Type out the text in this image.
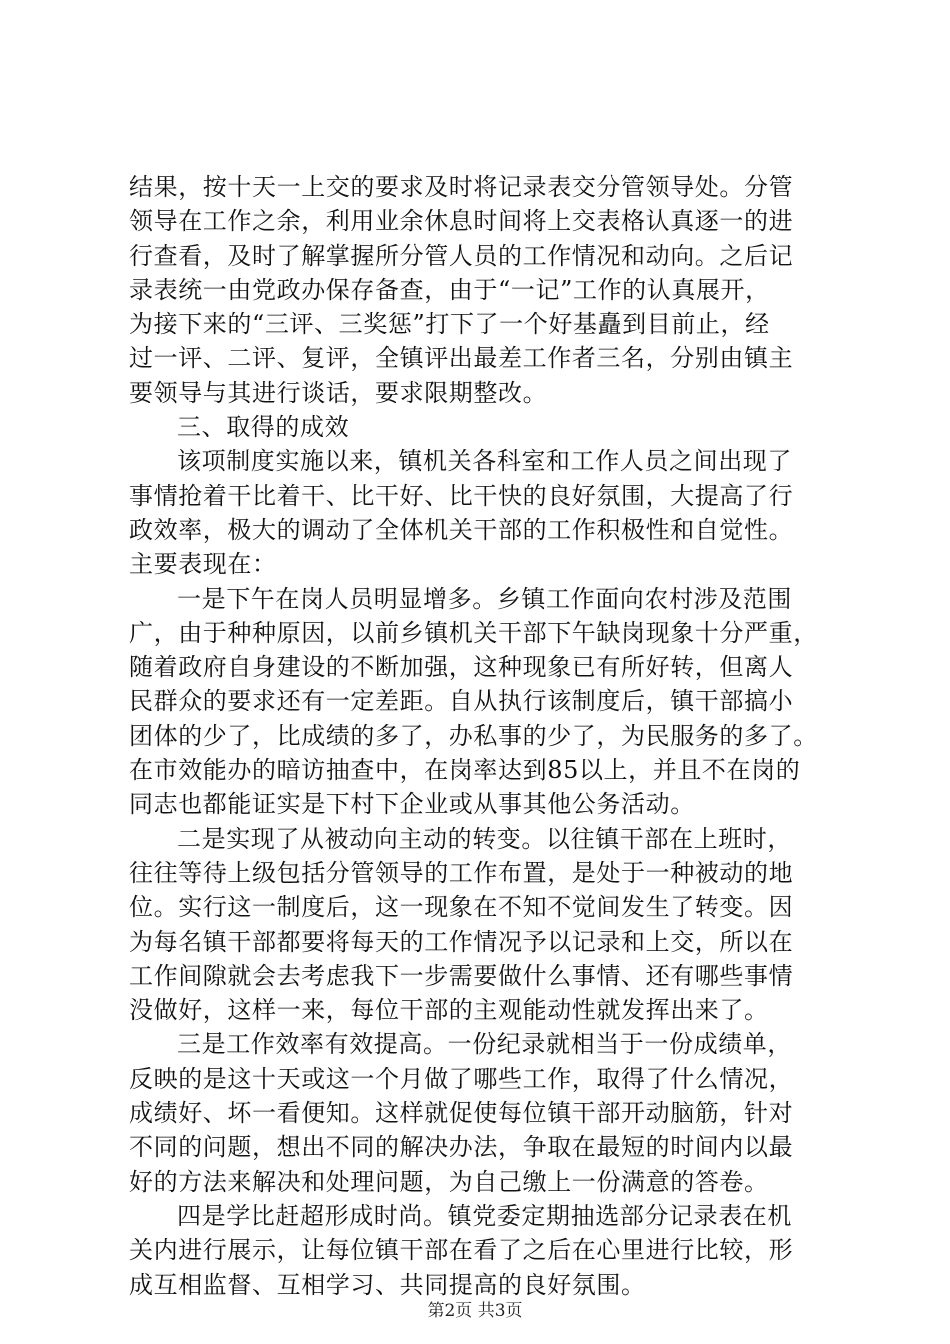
结果，按十天一上交的要求及时将记录表交分管领导处。分管
领导在工作之余，利用业余休息时间将上交表格认真逐一的进
行查看，及时了解掌握所分管人员的工作情况和动向。之后记
录表统一由党政办保存备查，由于“一记”工作的认真展开，
为接下来的“三评、三奖惩”打下了一个好基矗到目前止，经
过一评、二评、复评，全镇评出最差工作者三名，分别由镇主
要领导与其进行谈话，要求限期整改。
三、取得的成效
该项制度实施以来，镇机关各科室和工作人员之间出现了
事情抢着干比着干、比干好、比干快的良好氛围，大提高了行
政效率，极大的调动了全体机关干部的工作积极性和自觉性。
主要表现在：
一是下午在岗人员明显增多。乡镇工作面向农村涉及范围
广，由于种种原因，以前乡镇机关干部下午缺岗现象十分严重，
随着政府自身建设的不断加强，这种现象已有所好转，但离人
民群众的要求还有一定差距。自从执行该制度后，镇干部搞小
团体的少了，比成绩的多了，办私事的少了，为民服务的多了。
在市效能办的暗访抽查中，在岗率达到85以上，并且不在岗的
同志也都能证实是下村下企业或从事其他公务活动。
二是实现了从被动向主动的转变。以往镇干部在上班时，
往往等待上级包括分管领导的工作布置，是处于一种被动的地
位。实行这一制度后，这一现象在不知不觉间发生了转变。因
为每名镇干部都要将每天的工作情况予以记录和上交，所以在
工作间隙就会去考虑我下一步需要做什么事情、还有哪些事情
没做好，这样一来，每位干部的主观能动性就发挥出来了。
三是工作效率有效提高。一份纪录就相当于一份成绩单，
反映的是这十天或这一个月做了哪些工作，取得了什么情况，
成绩好、坏一看便知。这样就促使每位镇干部开动脑筋，针对
不同的问题，想出不同的解决办法，争取在最短的时间内以最
好的方法来解决和处理问题，为自己缴上一份满意的答卷。
四是学比赶超形成时尚。镇党委定期抽选部分记录表在机
关内进行展示，让每位镇干部在看了之后在心里进行比较，形
成互相监督、互相学习、共同提高的良好氛围。
第2页 共3页
